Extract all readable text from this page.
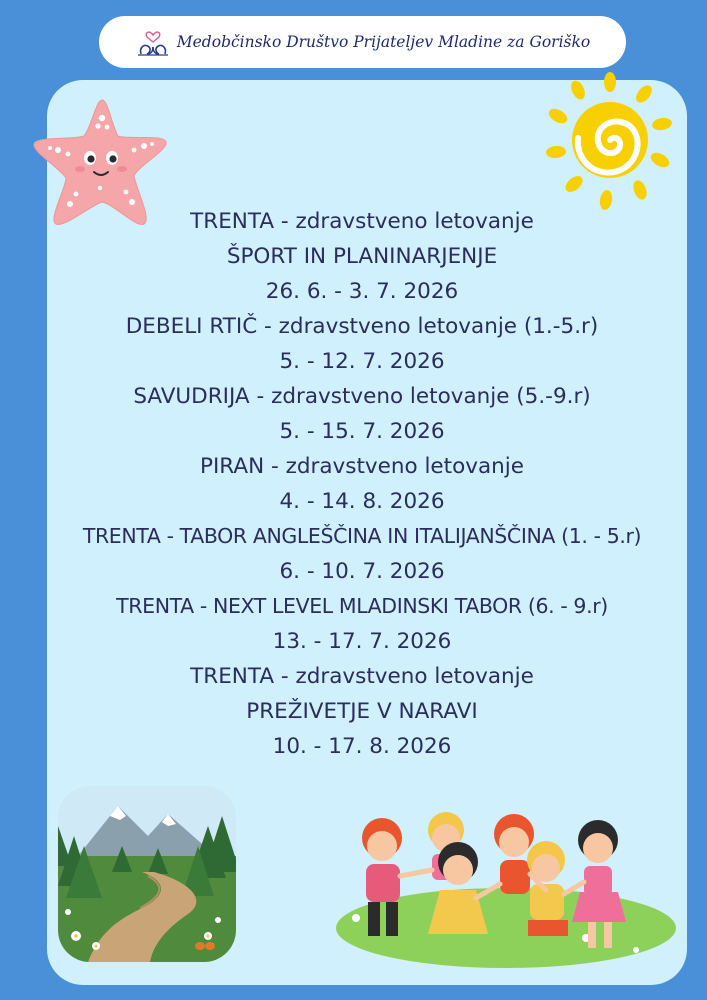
Medobčinsko Društvo Prijateljev Mladine za Goriško
TRENTA - zdravstveno letovanje
ŠPORT IN PLANINARJENJE
26. 6. - 3. 7. 2026
DEBELI RTIČ - zdravstveno letovanje (1.-5.r)
5. - 12. 7. 2026
SAVUDRIJA - zdravstveno letovanje (5.-9.r)
5. - 15. 7. 2026
PIRAN - zdravstveno letovanje
4. - 14. 8. 2026
TRENTA - TABOR ANGLEŠČINA IN ITALIJANŠČINA (1. - 5.r)
6. - 10. 7. 2026
TRENTA - NEXT LEVEL MLADINSKI TABOR (6. - 9.r)
13. - 17. 7. 2026
TRENTA - zdravstveno letovanje
PREŽIVETJE V NARAVI
10. - 17. 8. 2026
